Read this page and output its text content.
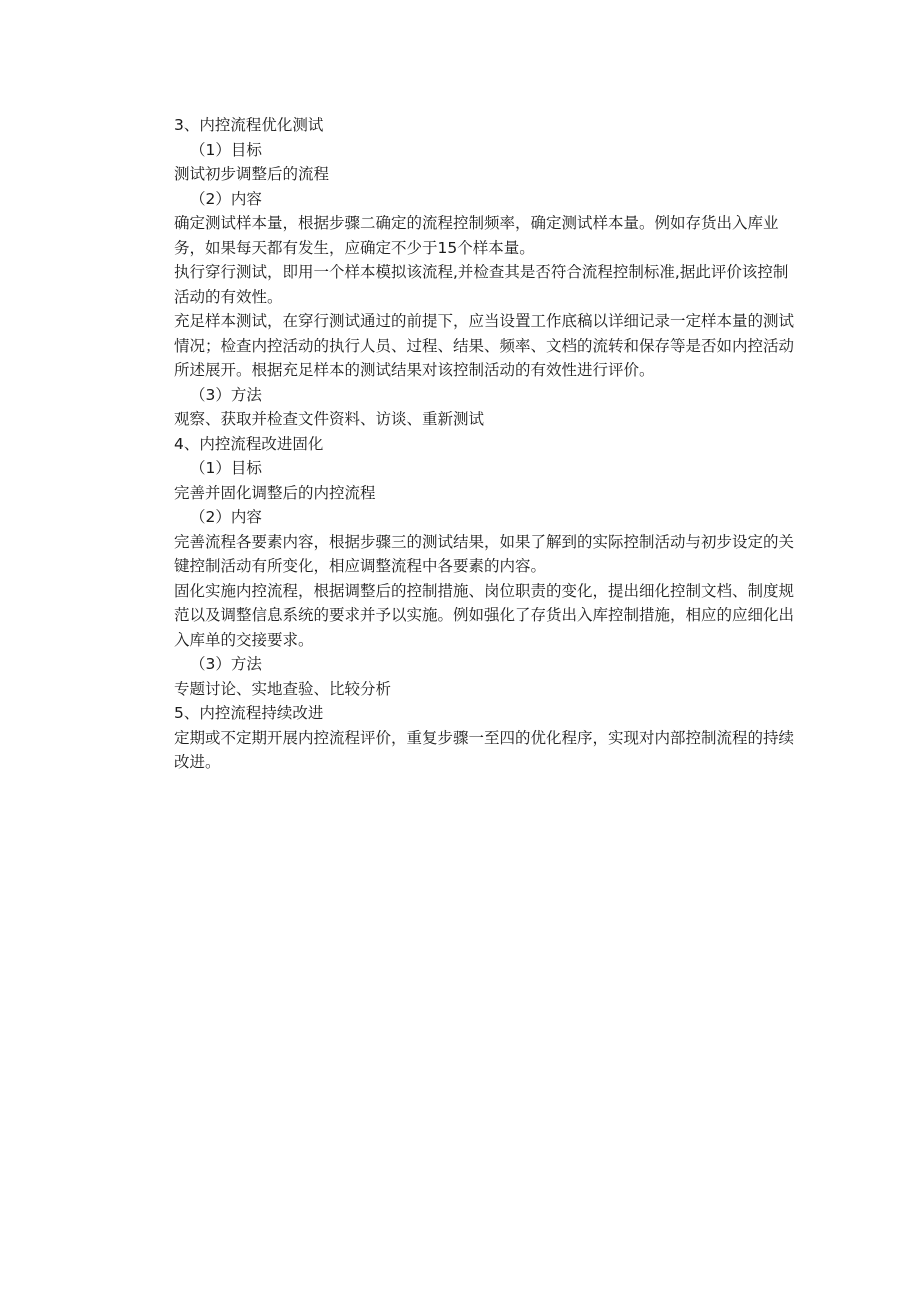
3、内控流程优化测试

（1）目标

测试初步调整后的流程

（2）内容

确定测试样本量，根据步骤二确定的流程控制频率，确定测试样本量。例如存货出入库业务，如果每天都有发生，应确定不少于15个样本量。

执行穿行测试，即用一个样本模拟该流程,并检查其是否符合流程控制标准,据此评价该控制活动的有效性。

充足样本测试，在穿行测试通过的前提下，应当设置工作底稿以详细记录一定样本量的测试情况；检查内控活动的执行人员、过程、结果、频率、文档的流转和保存等是否如内控活动所述展开。根据充足样本的测试结果对该控制活动的有效性进行评价。

（3）方法

观察、获取并检查文件资料、访谈、重新测试

4、内控流程改进固化

（1）目标

完善并固化调整后的内控流程

（2）内容

完善流程各要素内容，根据步骤三的测试结果，如果了解到的实际控制活动与初步设定的关键控制活动有所变化，相应调整流程中各要素的内容。

固化实施内控流程，根据调整后的控制措施、岗位职责的变化，提出细化控制文档、制度规范以及调整信息系统的要求并予以实施。例如强化了存货出入库控制措施，相应的应细化出入库单的交接要求。

（3）方法

专题讨论、实地查验、比较分析

5、内控流程持续改进

定期或不定期开展内控流程评价，重复步骤一至四的优化程序，实现对内部控制流程的持续改进。
